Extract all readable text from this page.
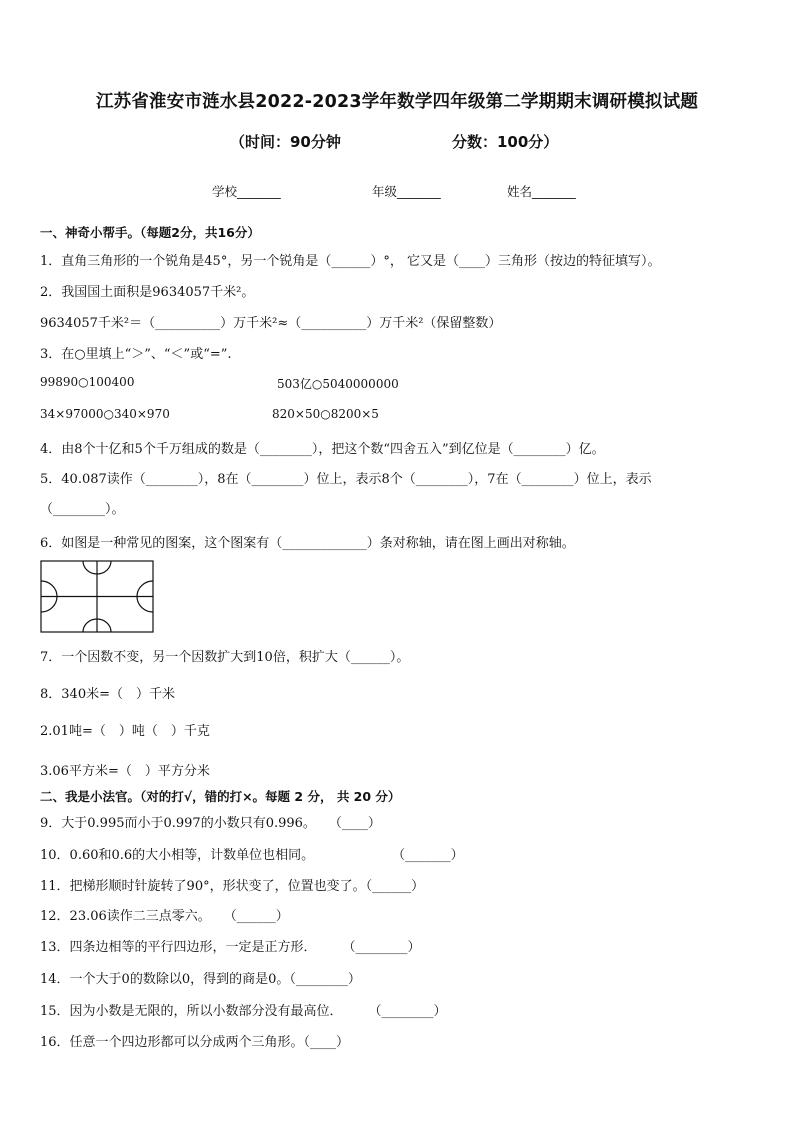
江苏省淮安市涟水县2022-2023学年数学四年级第二学期期末调研模拟试题
（时间：90分钟	分数：100分）
学校_______	年级_______	姓名_______
一、神奇小帮手。（每题2分，共16分）
1．直角三角形的一个锐角是45°，另一个锐角是（______）°， 它又是（____）三角形（按边的特征填写）。
2．我国国土面积是9634057千米²。
9634057千米²＝（__________）万千米²≈（__________）万千米²（保留整数）
3．在○里填上“＞”、“＜”或“=”.
99890○100400	503亿○5040000000
34×97000○340×970	820×50○8200×5
4．由8个十亿和5个千万组成的数是（________），把这个数“四舍五入”到亿位是（________）亿。
5．40.087读作（________），8在（________）位上，表示8个（________），7在（________）位上，表示
（________）。
6．如图是一种常见的图案，这个图案有（_____________）条对称轴，请在图上画出对称轴。
7．一个因数不变，另一个因数扩大到10倍，积扩大（______）。
8．340米=（　）千米
2.01吨=（　）吨（　）千克
3.06平方米=（　）平方分米
二、我是小法官。（对的打√，错的打×。每题 2 分， 共 20 分）
9．大于0.995而小于0.997的小数只有0.996。　　（____）
10．0.60和0.6的大小相等，计数单位也相同。　　　　　　　（_______）
11．把梯形顺时针旋转了90°，形状变了，位置也变了。（______）
12．23.06读作二三点零六。　　（______）
13．四条边相等的平行四边形，一定是正方形．　　　（________）
14．一个大于0的数除以0，得到的商是0。（________）
15．因为小数是无限的，所以小数部分没有最高位．　　　（________）
16．任意一个四边形都可以分成两个三角形。（____）
